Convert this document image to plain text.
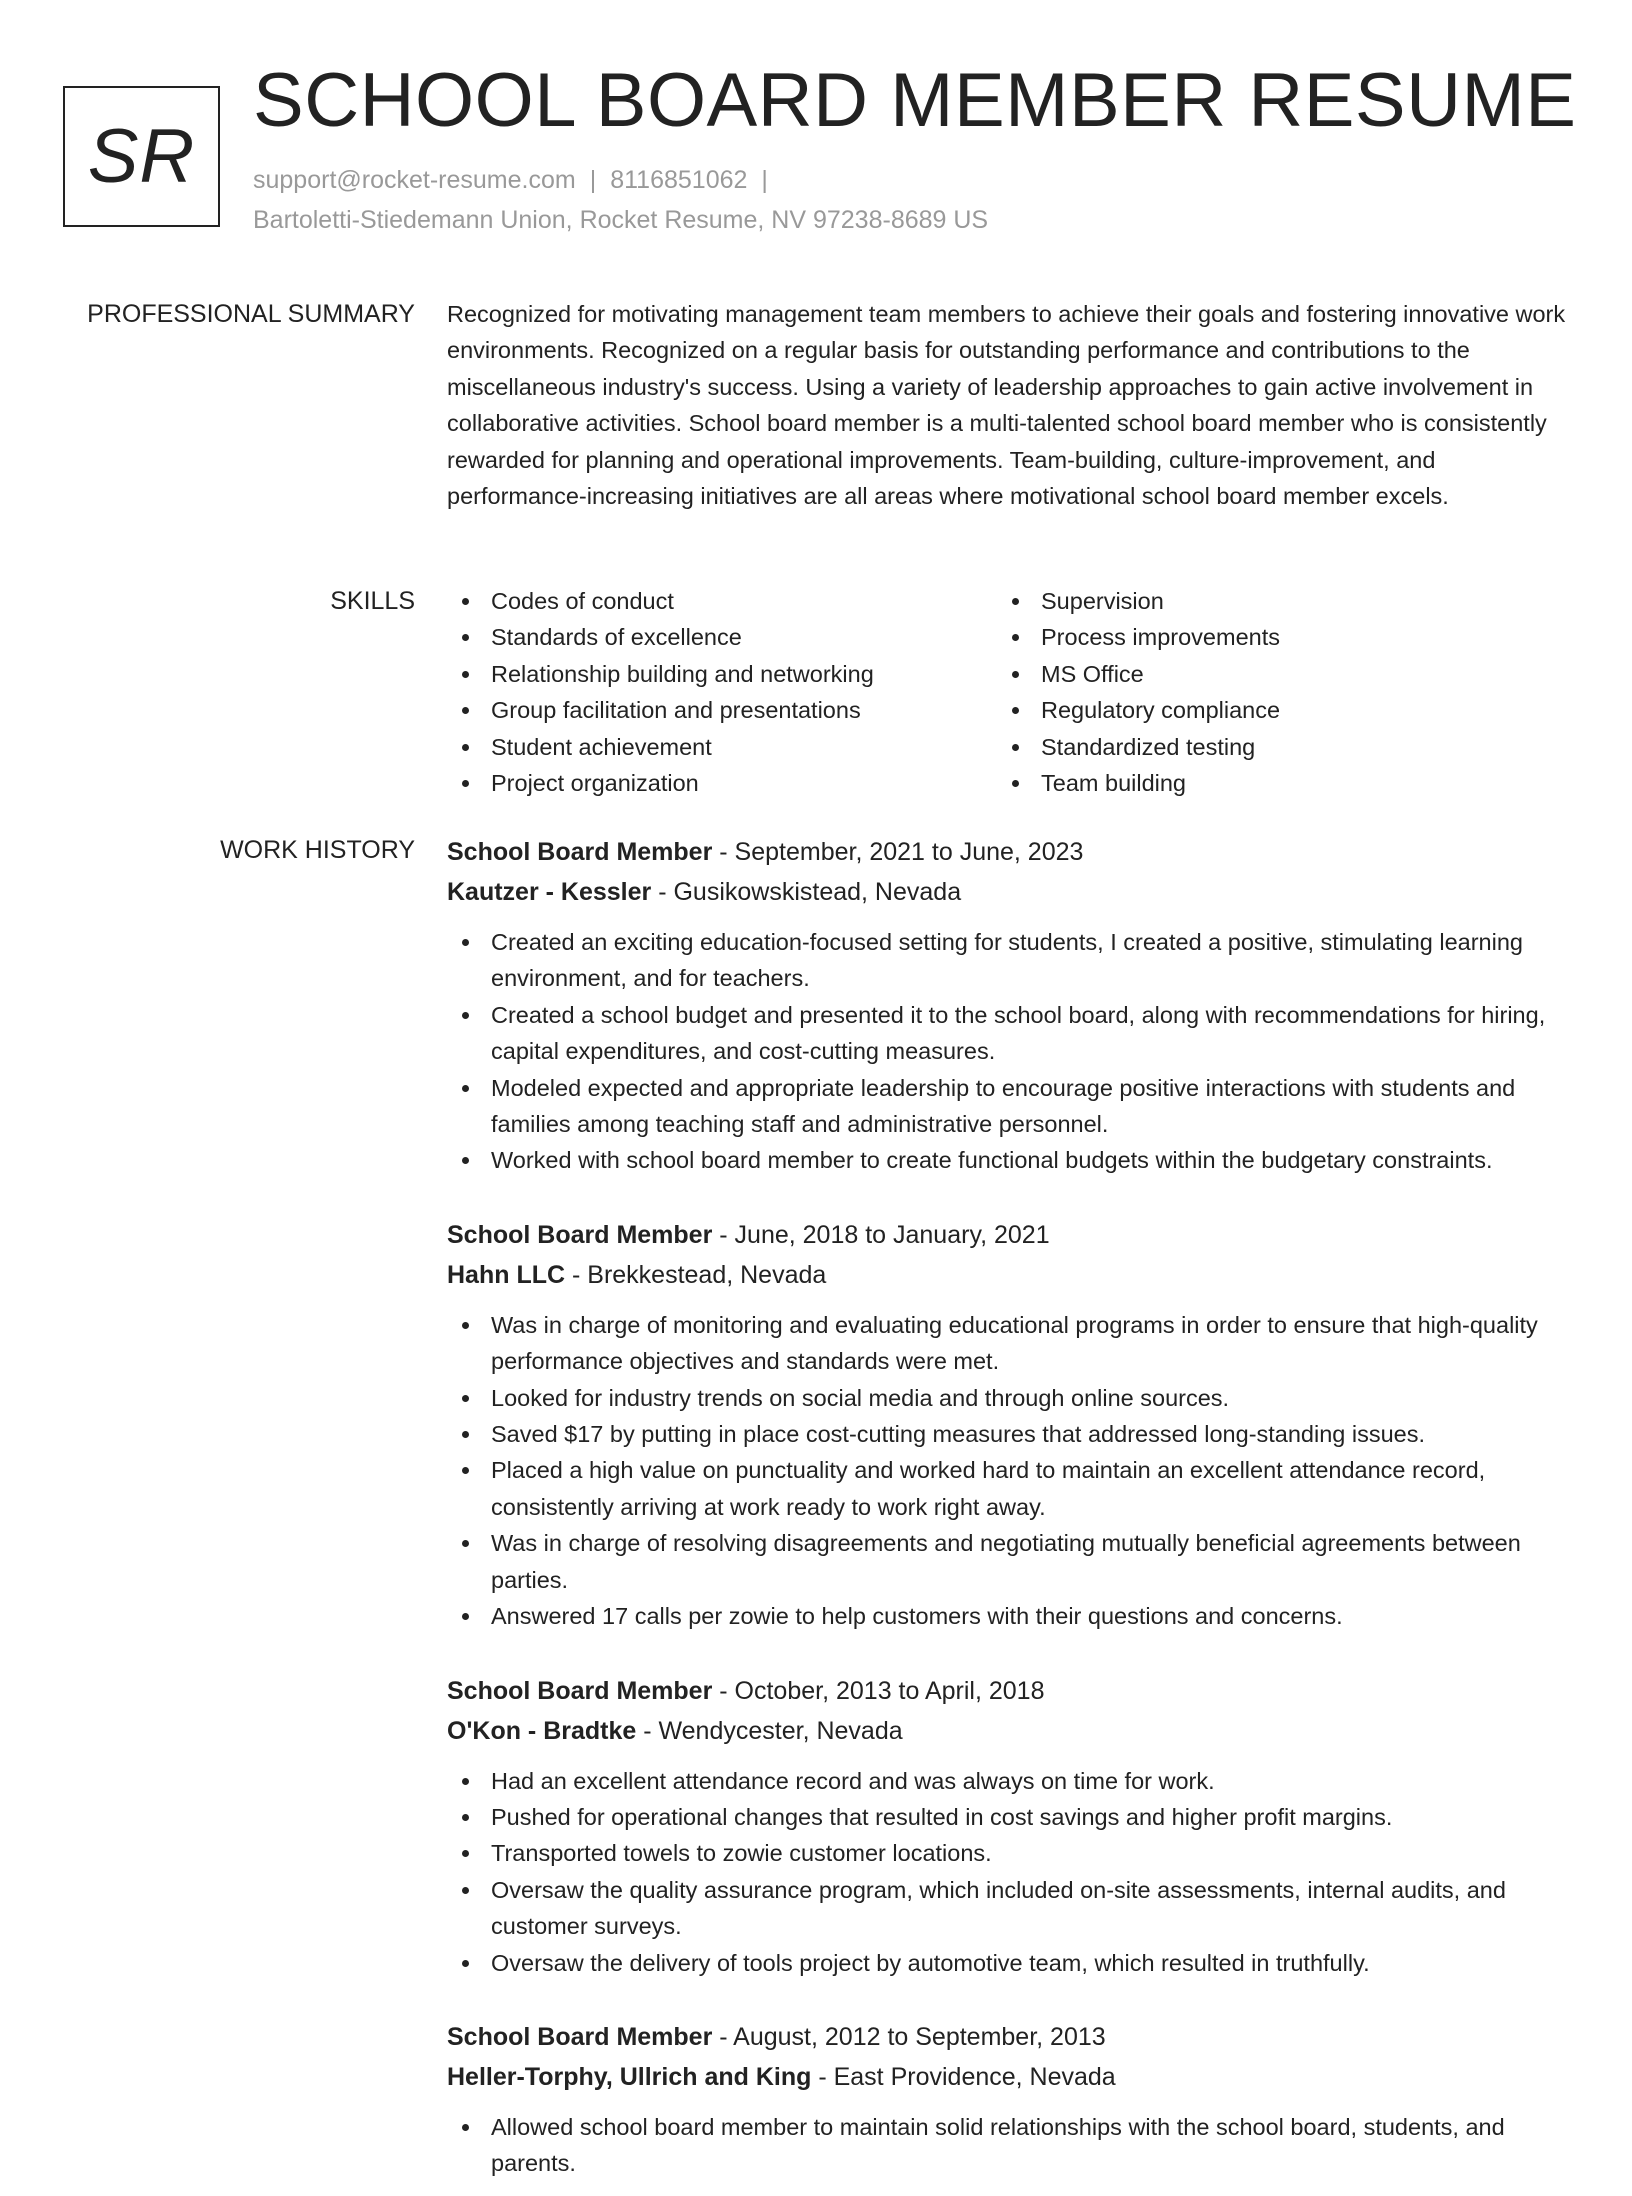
SR
SCHOOL BOARD MEMBER RESUME
support@rocket-resume.com | 8116851062 |
Bartoletti-Stiedemann Union, Rocket Resume, NV 97238-8689 US
PROFESSIONAL SUMMARY Recognized for motivating management team members to achieve their goals and fostering innovative work environments. Recognized on a regular basis for outstanding performance and contributions to the miscellaneous industry's success. Using a variety of leadership approaches to gain active involvement in collaborative activities. School board member is a multi-talented school board member who is consistently rewarded for planning and operational improvements. Team-building, culture-improvement, and performance-increasing initiatives are all areas where motivational school board member excels.

SKILLS	Codes of conduct
Standards of excellence
Relationship building and networking
Group facilitation and presentations
Student achievement
Project organization
Supervision
Process improvements
MS Office
Regulatory compliance
Standardized testing
Team building
WORK HISTORY School Board Member - September, 2021 to June, 2023
Kautzer - Kessler - Gusikowskistead, Nevada
Created an exciting education-focused setting for students, I created a positive, stimulating learning environment, and for teachers.
Created a school budget and presented it to the school board, along with recommendations for hiring, capital expenditures, and cost-cutting measures.
Modeled expected and appropriate leadership to encourage positive interactions with students and families among teaching staff and administrative personnel.
Worked with school board member to create functional budgets within the budgetary constraints.
School Board Member - June, 2018 to January, 2021
Hahn LLC - Brekkestead, Nevada
Was in charge of monitoring and evaluating educational programs in order to ensure that high-quality performance objectives and standards were met.
Looked for industry trends on social media and through online sources.
Saved $17 by putting in place cost-cutting measures that addressed long-standing issues.
Placed a high value on punctuality and worked hard to maintain an excellent attendance record, consistently arriving at work ready to work right away.
Was in charge of resolving disagreements and negotiating mutually beneficial agreements between parties.
Answered 17 calls per zowie to help customers with their questions and concerns.
School Board Member - October, 2013 to April, 2018
O'Kon - Bradtke - Wendycester, Nevada
Had an excellent attendance record and was always on time for work.
Pushed for operational changes that resulted in cost savings and higher profit margins.
Transported towels to zowie customer locations.
Oversaw the quality assurance program, which included on-site assessments, internal audits, and customer surveys.
Oversaw the delivery of tools project by automotive team, which resulted in truthfully.
School Board Member - August, 2012 to September, 2013
Heller-Torphy, Ullrich and King - East Providence, Nevada
Allowed school board member to maintain solid relationships with the school board, students, and parents.
